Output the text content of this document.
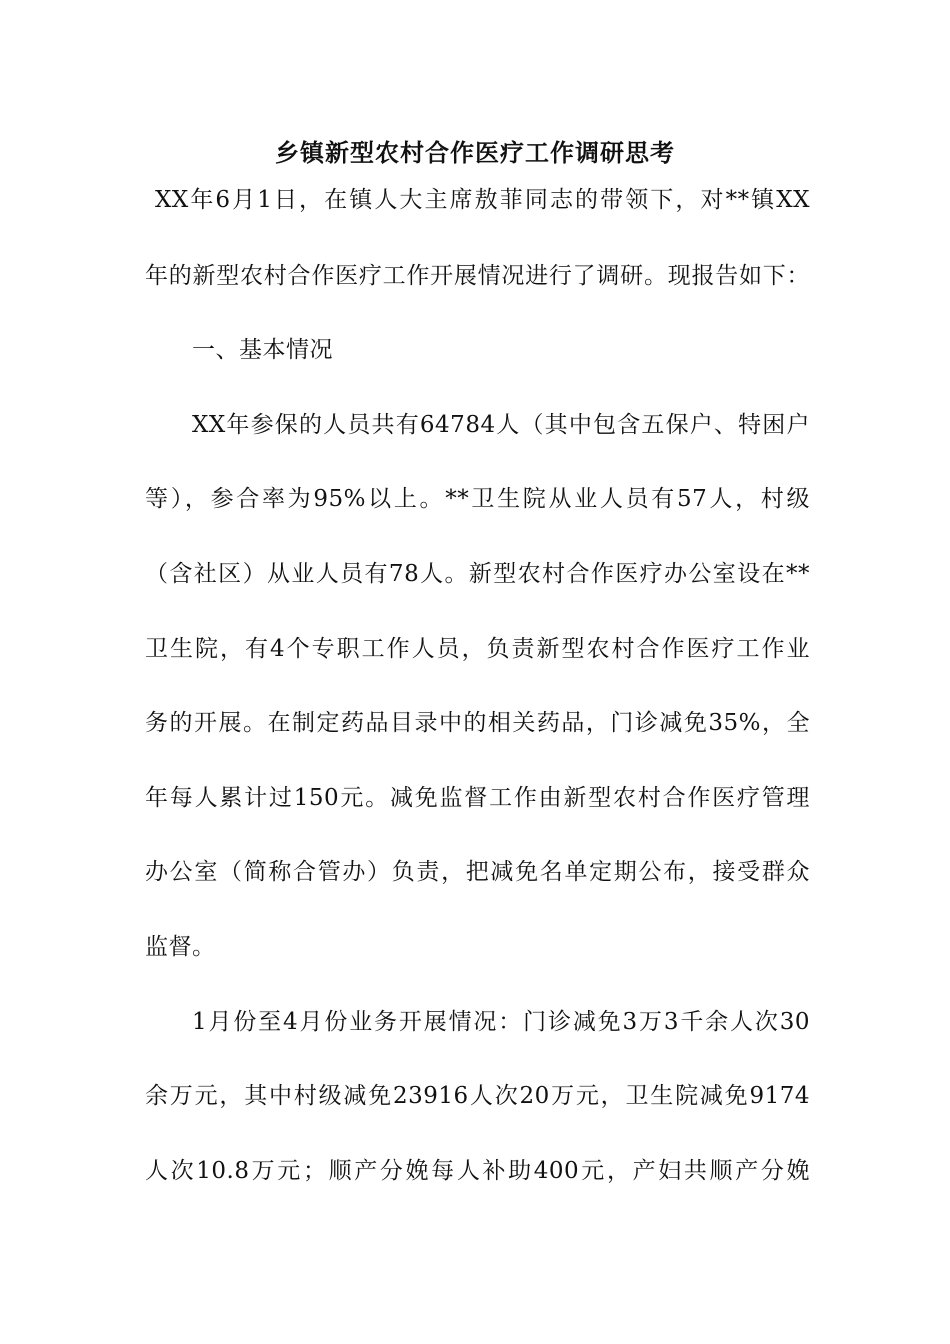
乡镇新型农村合作医疗工作调研思考
XX年6月1日，在镇人大主席敖菲同志的带领下，对**镇XX
年的新型农村合作医疗工作开展情况进行了调研。现报告如下：
一、基本情况
XX年参保的人员共有64784人（其中包含五保户、特困户
等），参合率为95%以上。**卫生院从业人员有57人，村级
（含社区）从业人员有78人。新型农村合作医疗办公室设在**
卫生院，有4个专职工作人员，负责新型农村合作医疗工作业
务的开展。在制定药品目录中的相关药品，门诊减免35%，全
年每人累计过150元。减免监督工作由新型农村合作医疗管理
办公室（简称合管办）负责，把减免名单定期公布，接受群众
监督。
1月份至4月份业务开展情况：门诊减免3万3千余人次30
余万元，其中村级减免23916人次20万元，卫生院减免9174
人次10.8万元；顺产分娩每人补助400元，产妇共顺产分娩
